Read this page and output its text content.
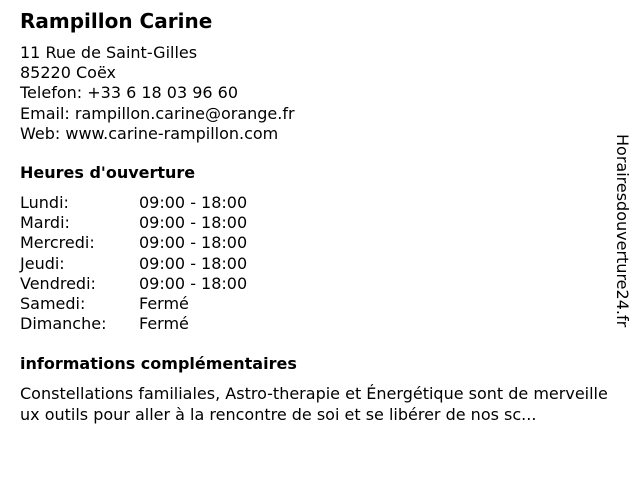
Rampillon Carine
11 Rue de Saint-Gilles
85220 Coëx
Telefon: +33 6 18 03 96 60
Email: rampillon.carine@orange.fr
Web: www.carine-rampillon.com
Heures d'ouverture
Lundi:	09:00 - 18:00
Mardi:	09:00 - 18:00
Mercredi:	09:00 - 18:00
Jeudi:	09:00 - 18:00
Vendredi:	09:00 - 18:00
Samedi:	Fermé
Dimanche:	Fermé
informations complémentaires
Constellations familiales, Astro-therapie et Énergétique sont de merveilleux outils pour aller à la rencontre de soi et se libérer de nos sc...
Horairesdouverture24.fr
